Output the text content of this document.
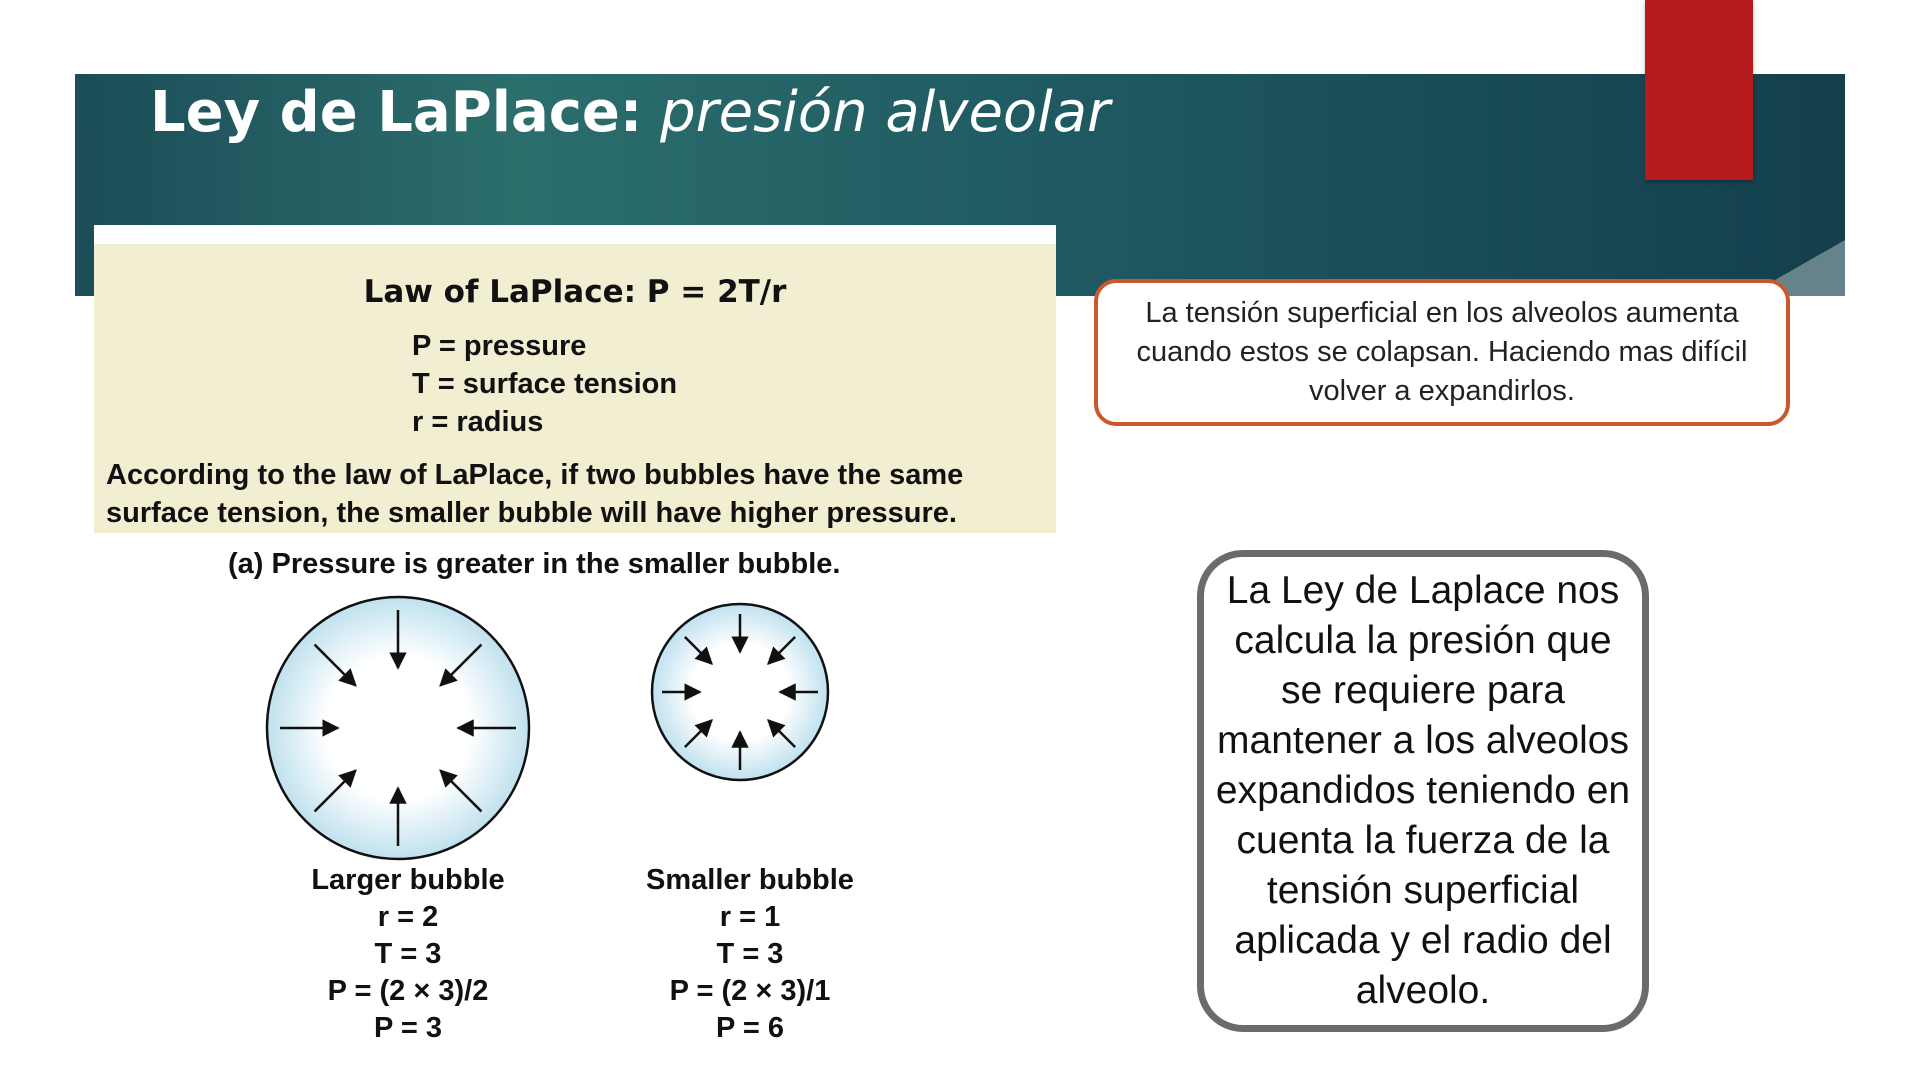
Ley de LaPlace: presión alveolar
Law of LaPlace: P = 2T/r
P = pressure
T = surface tension
r = radius
According to the law of LaPlace, if two bubbles have the same surface tension, the smaller bubble will have higher pressure.
La tensión superficial en los alveolos aumenta cuando estos se colapsan. Haciendo mas difícil volver a expandirlos.
(a) Pressure is greater in the smaller bubble.
Larger bubble
r = 2
T = 3
P = (2 × 3)/2
P = 3
Smaller bubble
r = 1
T = 3
P = (2 × 3)/1
P = 6
La Ley de Laplace nos calcula la presión que se requiere para mantener a los alveolos expandidos teniendo en cuenta la fuerza de la tensión superficial aplicada y el radio del alveolo.
